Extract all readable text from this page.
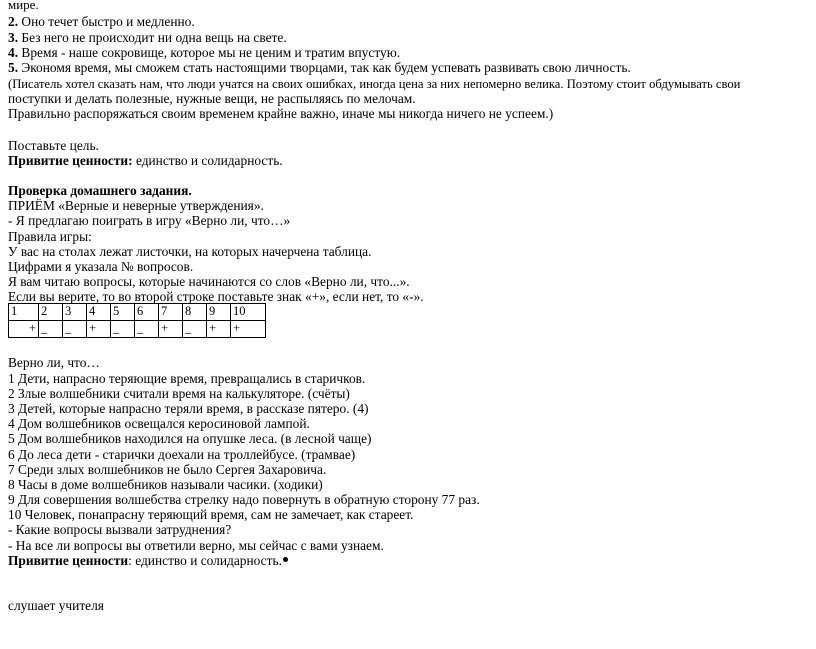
мире.
2. Оно течет быстро и медленно.
3. Без него не происходит ни одна вещь на свете.
4. Время - наше сокровище, которое мы не ценим и тратим впустую.
5. Экономя время, мы сможем стать настоящими творцами, так как будем успевать развивать свою личность.
(Писатель хотел сказать нам, что люди учатся на своих ошибках, иногда цена за них непомерно велика. Поэтому стоит обдумывать свои
поступки и делать полезные, нужные вещи, не распыляясь по мелочам.
Правильно распоряжаться своим временем крайне важно, иначе мы никогда ничего не успеем.)
Поставьте цель.
Привитие ценности: единство и солидарность.
Проверка домашнего задания.
ПРИЁМ «Верные и неверные утверждения».
- Я предлагаю поиграть в игру «Верно ли, что…»
Правила игры:
У вас на столах лежат листочки, на которых начерчена таблица.
Цифрами я указала № вопросов.
Я вам читаю вопросы, которые начинаются со слов «Верно ли, что...».
Если вы верите, то во второй строке поставьте знак «+», если нет, то «-».
1	2	3	4	5	6	7	8	9	10
+	_	_	+	_	_	+	_	+	+
Верно ли, что…
1 Дети, напрасно теряющие время, превращались в старичков.
2 Злые волшебники считали время на калькуляторе. (счёты)
3 Детей, которые напрасно теряли время, в рассказе пятеро. (4)
4 Дом волшебников освещался керосиновой лампой.
5 Дом волшебников находился на опушке леса. (в лесной чаще)
6 До леса дети - старички доехали на троллейбусе. (трамвае)
7 Среди злых волшебников не было Сергея Захаровича.
8 Часы в доме волшебников называли часики. (ходики)
9 Для совершения волшебства стрелку надо повернуть в обратную сторону 77 раз.
10 Человек, понапрасну теряющий время, сам не замечает, как стареет.
- Какие вопросы вызвали затруднения?
- На все ли вопросы вы ответили верно, мы сейчас с вами узнаем.
Привитие ценности: единство и солидарность.
слушает учителя
